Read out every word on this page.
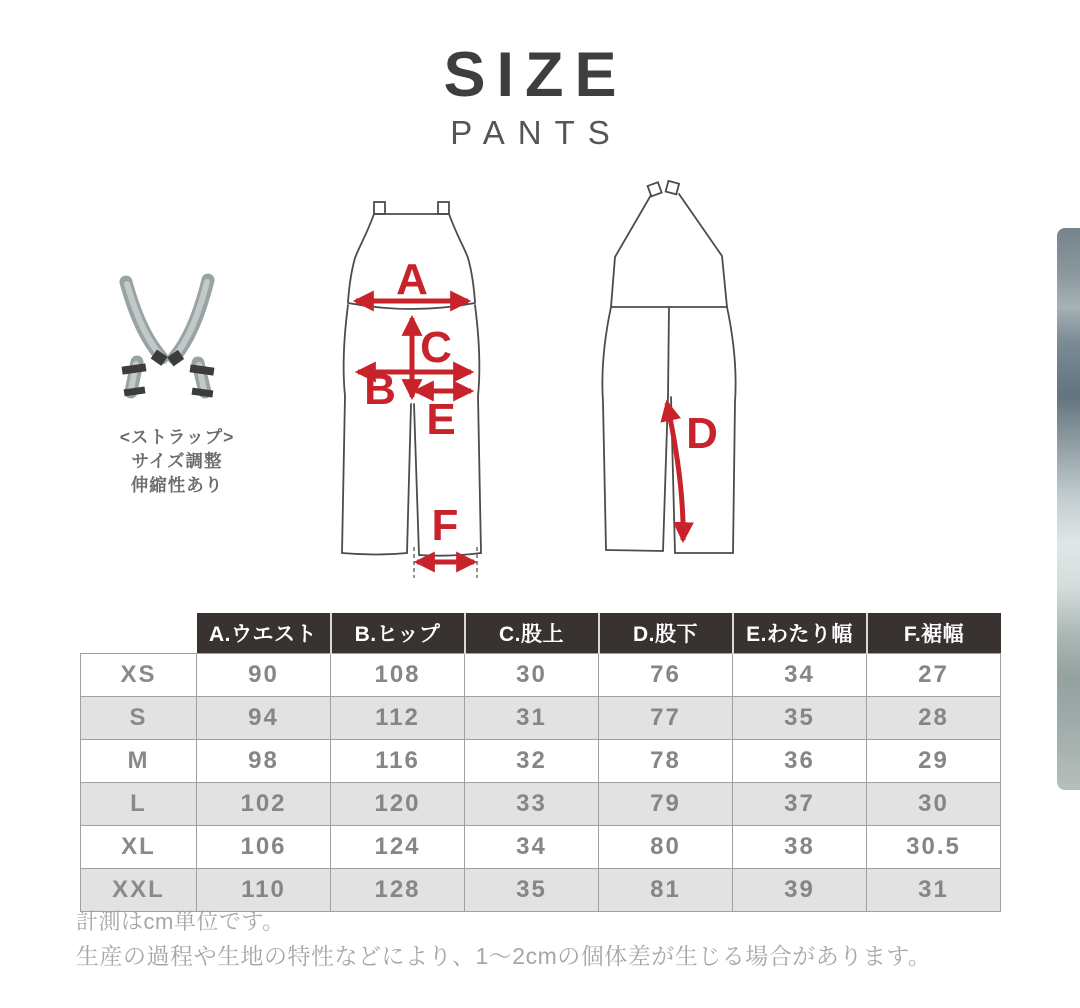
SIZE
PANTS
<ストラップ>
サイズ調整
伸縮性あり
A
C
B
E
F
D
	A.ウエスト	B.ヒップ	C.股上	D.股下	E.わたり幅	F.裾幅
XS	90	108	30	76	34	27
S	94	112	31	77	35	28
M	98	116	32	78	36	29
L	102	120	33	79	37	30
XL	106	124	34	80	38	30.5
XXL	110	128	35	81	39	31

計測はcm単位です。

生産の過程や生地の特性などにより、1〜2cmの個体差が生じる場合があります。
